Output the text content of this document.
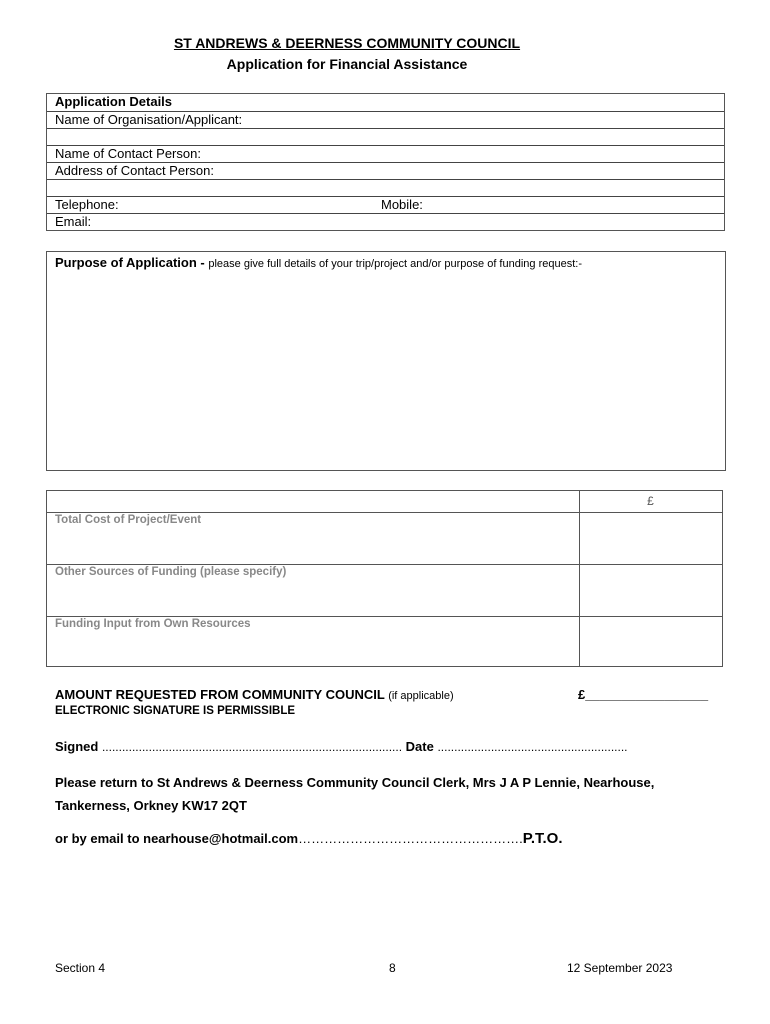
ST ANDREWS & DEERNESS COMMUNITY COUNCIL
Application for Financial Assistance
Application Details
Name of Organisation/Applicant:
Name of Contact Person:
Address of Contact Person:
Telephone:	Mobile:
Email:
Purpose of Application - please give full details of your trip/project and/or purpose of funding request:-
£
Total Cost of Project/Event
Other Sources of Funding (please specify)
Funding Input from Own Resources
AMOUNT REQUESTED FROM COMMUNITY COUNCIL (if applicable)	£_________________
ELECTRONIC SIGNATURE IS PERMISSIBLE
Signed .......................................................................................... Date .........................................................
Please return to St Andrews & Deerness Community Council Clerk, Mrs J A P Lennie, Nearhouse,
Tankerness, Orkney KW17 2QT
or by email to nearhouse@hotmail.com…………………………………………….P.T.O.
Section 4	8	12 September 2023
